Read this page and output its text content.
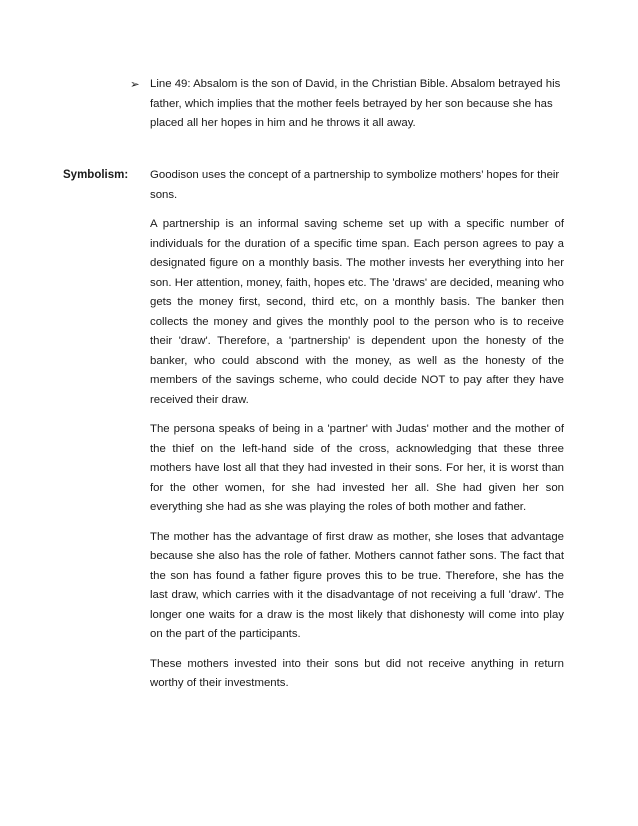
➢ Line 49: Absalom is the son of David, in the Christian Bible. Absalom betrayed his father, which implies that the mother feels betrayed by her son because she has placed all her hopes in him and he throws it all away.
Symbolism: Goodison uses the concept of a partnership to symbolize mothers’ hopes for their sons.

A partnership is an informal saving scheme set up with a specific number of individuals for the duration of a specific time span. Each person agrees to pay a designated figure on a monthly basis. The mother invests her everything into her son. Her attention, money, faith, hopes etc. The 'draws' are decided, meaning who gets the money first, second, third etc, on a monthly basis. The banker then collects the money and gives the monthly pool to the person who is to receive their 'draw'. Therefore, a 'partnership' is dependent upon the honesty of the banker, who could abscond with the money, as well as the honesty of the members of the savings scheme, who could decide NOT to pay after they have received their draw.

The persona speaks of being in a 'partner' with Judas' mother and the mother of the thief on the left-hand side of the cross, acknowledging that these three mothers have lost all that they had invested in their sons. For her, it is worst than for the other women, for she had invested her all. She had given her son everything she had as she was playing the roles of both mother and father.

The mother has the advantage of first draw as mother, she loses that advantage because she also has the role of father. Mothers cannot father sons. The fact that the son has found a father figure proves this to be true. Therefore, she has the last draw, which carries with it the disadvantage of not receiving a full 'draw'. The longer one waits for a draw is the most likely that dishonesty will come into play on the part of the participants.

These mothers invested into their sons but did not receive anything in return worthy of their investments.
